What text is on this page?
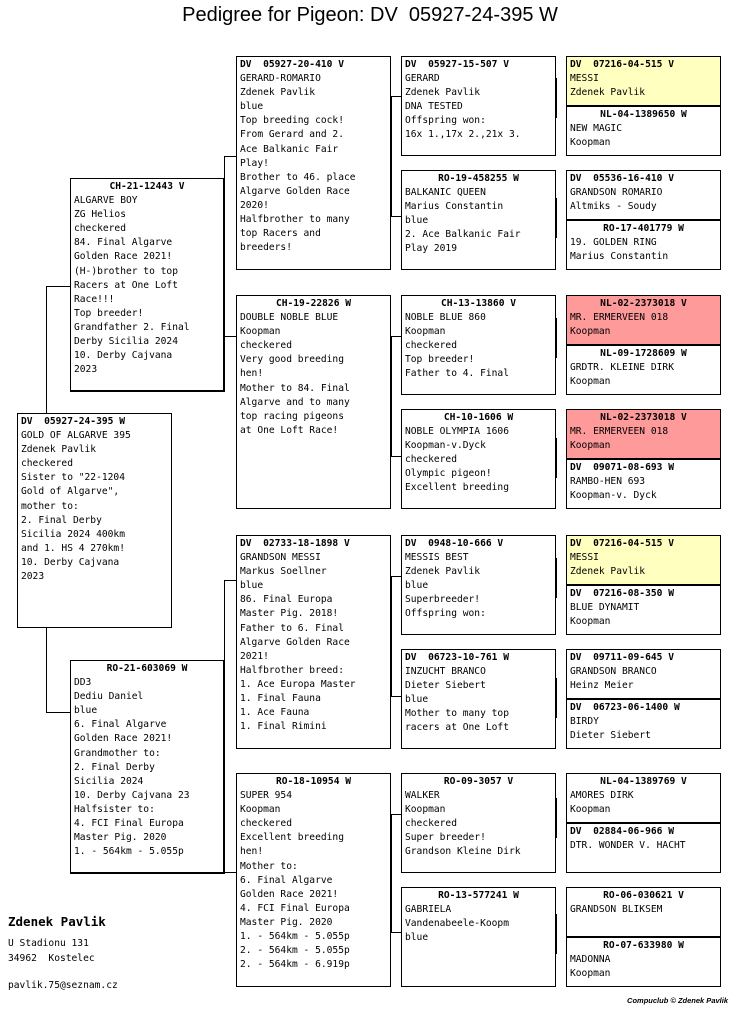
Pedigree for Pigeon: DV  05927-24-395 W
DV  05927-24-395 W
GOLD OF ALGARVE 395
Zdenek Pavlik
checkered
Sister to "22-1204
Gold of Algarve",
mother to:
2. Final Derby
Sicilia 2024 400km
and 1. HS 4 270km!
10. Derby Cajvana
2023
CH-21-12443 V
ALGARVE BOY
ZG Helios
checkered
84. Final Algarve
Golden Race 2021!
(H-)brother to top
Racers at One Loft
Race!!!
Top breeder!
Grandfather 2. Final
Derby Sicilia 2024
10. Derby Cajvana
2023
RO-21-603069 W
DD3
Dediu Daniel
blue
6. Final Algarve
Golden Race 2021!
Grandmother to:
2. Final Derby
Sicilia 2024
10. Derby Cajvana 23
Halfsister to:
4. FCI Final Europa
Master Pig. 2020
1. - 564km - 5.055p
DV  05927-20-410 V
GERARD-ROMARIO
Zdenek Pavlik
blue
Top breeding cock!
From Gerard and 2.
Ace Balkanic Fair
Play!
Brother to 46. place
Algarve Golden Race
2020!
Halfbrother to many
top Racers and
breeders!
CH-19-22826 W
DOUBLE NOBLE BLUE
Koopman
checkered
Very good breeding
hen!
Mother to 84. Final
Algarve and to many
top racing pigeons
at One Loft Race!
DV  02733-18-1898 V
GRANDSON MESSI
Markus Soellner
blue
86. Final Europa
Master Pig. 2018!
Father to 6. Final
Algarve Golden Race
2021!
Halfbrother breed:
1. Ace Europa Master
1. Final Fauna
1. Ace Fauna
1. Final Rimini
RO-18-10954 W
SUPER 954
Koopman
checkered
Excellent breeding
hen!
Mother to:
6. Final Algarve
Golden Race 2021!
4. FCI Final Europa
Master Pig. 2020
1. - 564km - 5.055p
2. - 564km - 5.055p
2. - 564km - 6.919p
DV  05927-15-507 V
GERARD
Zdenek Pavlik
DNA TESTED
Offspring won:
16x 1.,17x 2.,21x 3.
RO-19-458255 W
BALKANIC QUEEN
Marius Constantin
blue
2. Ace Balkanic Fair
Play 2019
CH-13-13860 V
NOBLE BLUE 860
Koopman
checkered
Top breeder!
Father to 4. Final
CH-10-1606 W
NOBLE OLYMPIA 1606
Koopman-v.Dyck
checkered
Olympic pigeon!
Excellent breeding
DV  0948-10-666 V
MESSIS BEST
Zdenek Pavlik
blue
Superbreeder!
Offspring won:
DV  06723-10-761 W
INZUCHT BRANCO
Dieter Siebert
blue
Mother to many top
racers at One Loft
RO-09-3057 V
WALKER
Koopman
checkered
Super breeder!
Grandson Kleine Dirk
RO-13-577241 W
GABRIELA
Vandenabeele-Koopm
blue
DV  07216-04-515 V
MESSI
Zdenek Pavlik
NL-04-1389650 W
NEW MAGIC
Koopman
DV  05536-16-410 V
GRANDSON ROMARIO
Altmiks - Soudy
RO-17-401779 W
19. GOLDEN RING
Marius Constantin
NL-02-2373018 V
MR. ERMERVEEN 018
Koopman
NL-09-1728609 W
GRDTR. KLEINE DIRK
Koopman
NL-02-2373018 V
MR. ERMERVEEN 018
Koopman
DV  09071-08-693 W
RAMBO-HEN 693
Koopman-v. Dyck
DV  07216-04-515 V
MESSI
Zdenek Pavlik
DV  07216-08-350 W
BLUE DYNAMIT
Koopman
DV  09711-09-645 V
GRANDSON BRANCO
Heinz Meier
DV  06723-06-1400 W
BIRDY
Dieter Siebert
NL-04-1389769 V
AMORES DIRK
Koopman
DV  02884-06-966 W
DTR. WONDER V. HACHT
RO-06-030621 V
GRANDSON BLIKSEM
RO-07-633980 W
MADONNA
Koopman
Zdenek Pavlik
U Stadionu 131
34962  Kostelec
pavlik.75@seznam.cz
Compuclub © Zdenek Pavlik
